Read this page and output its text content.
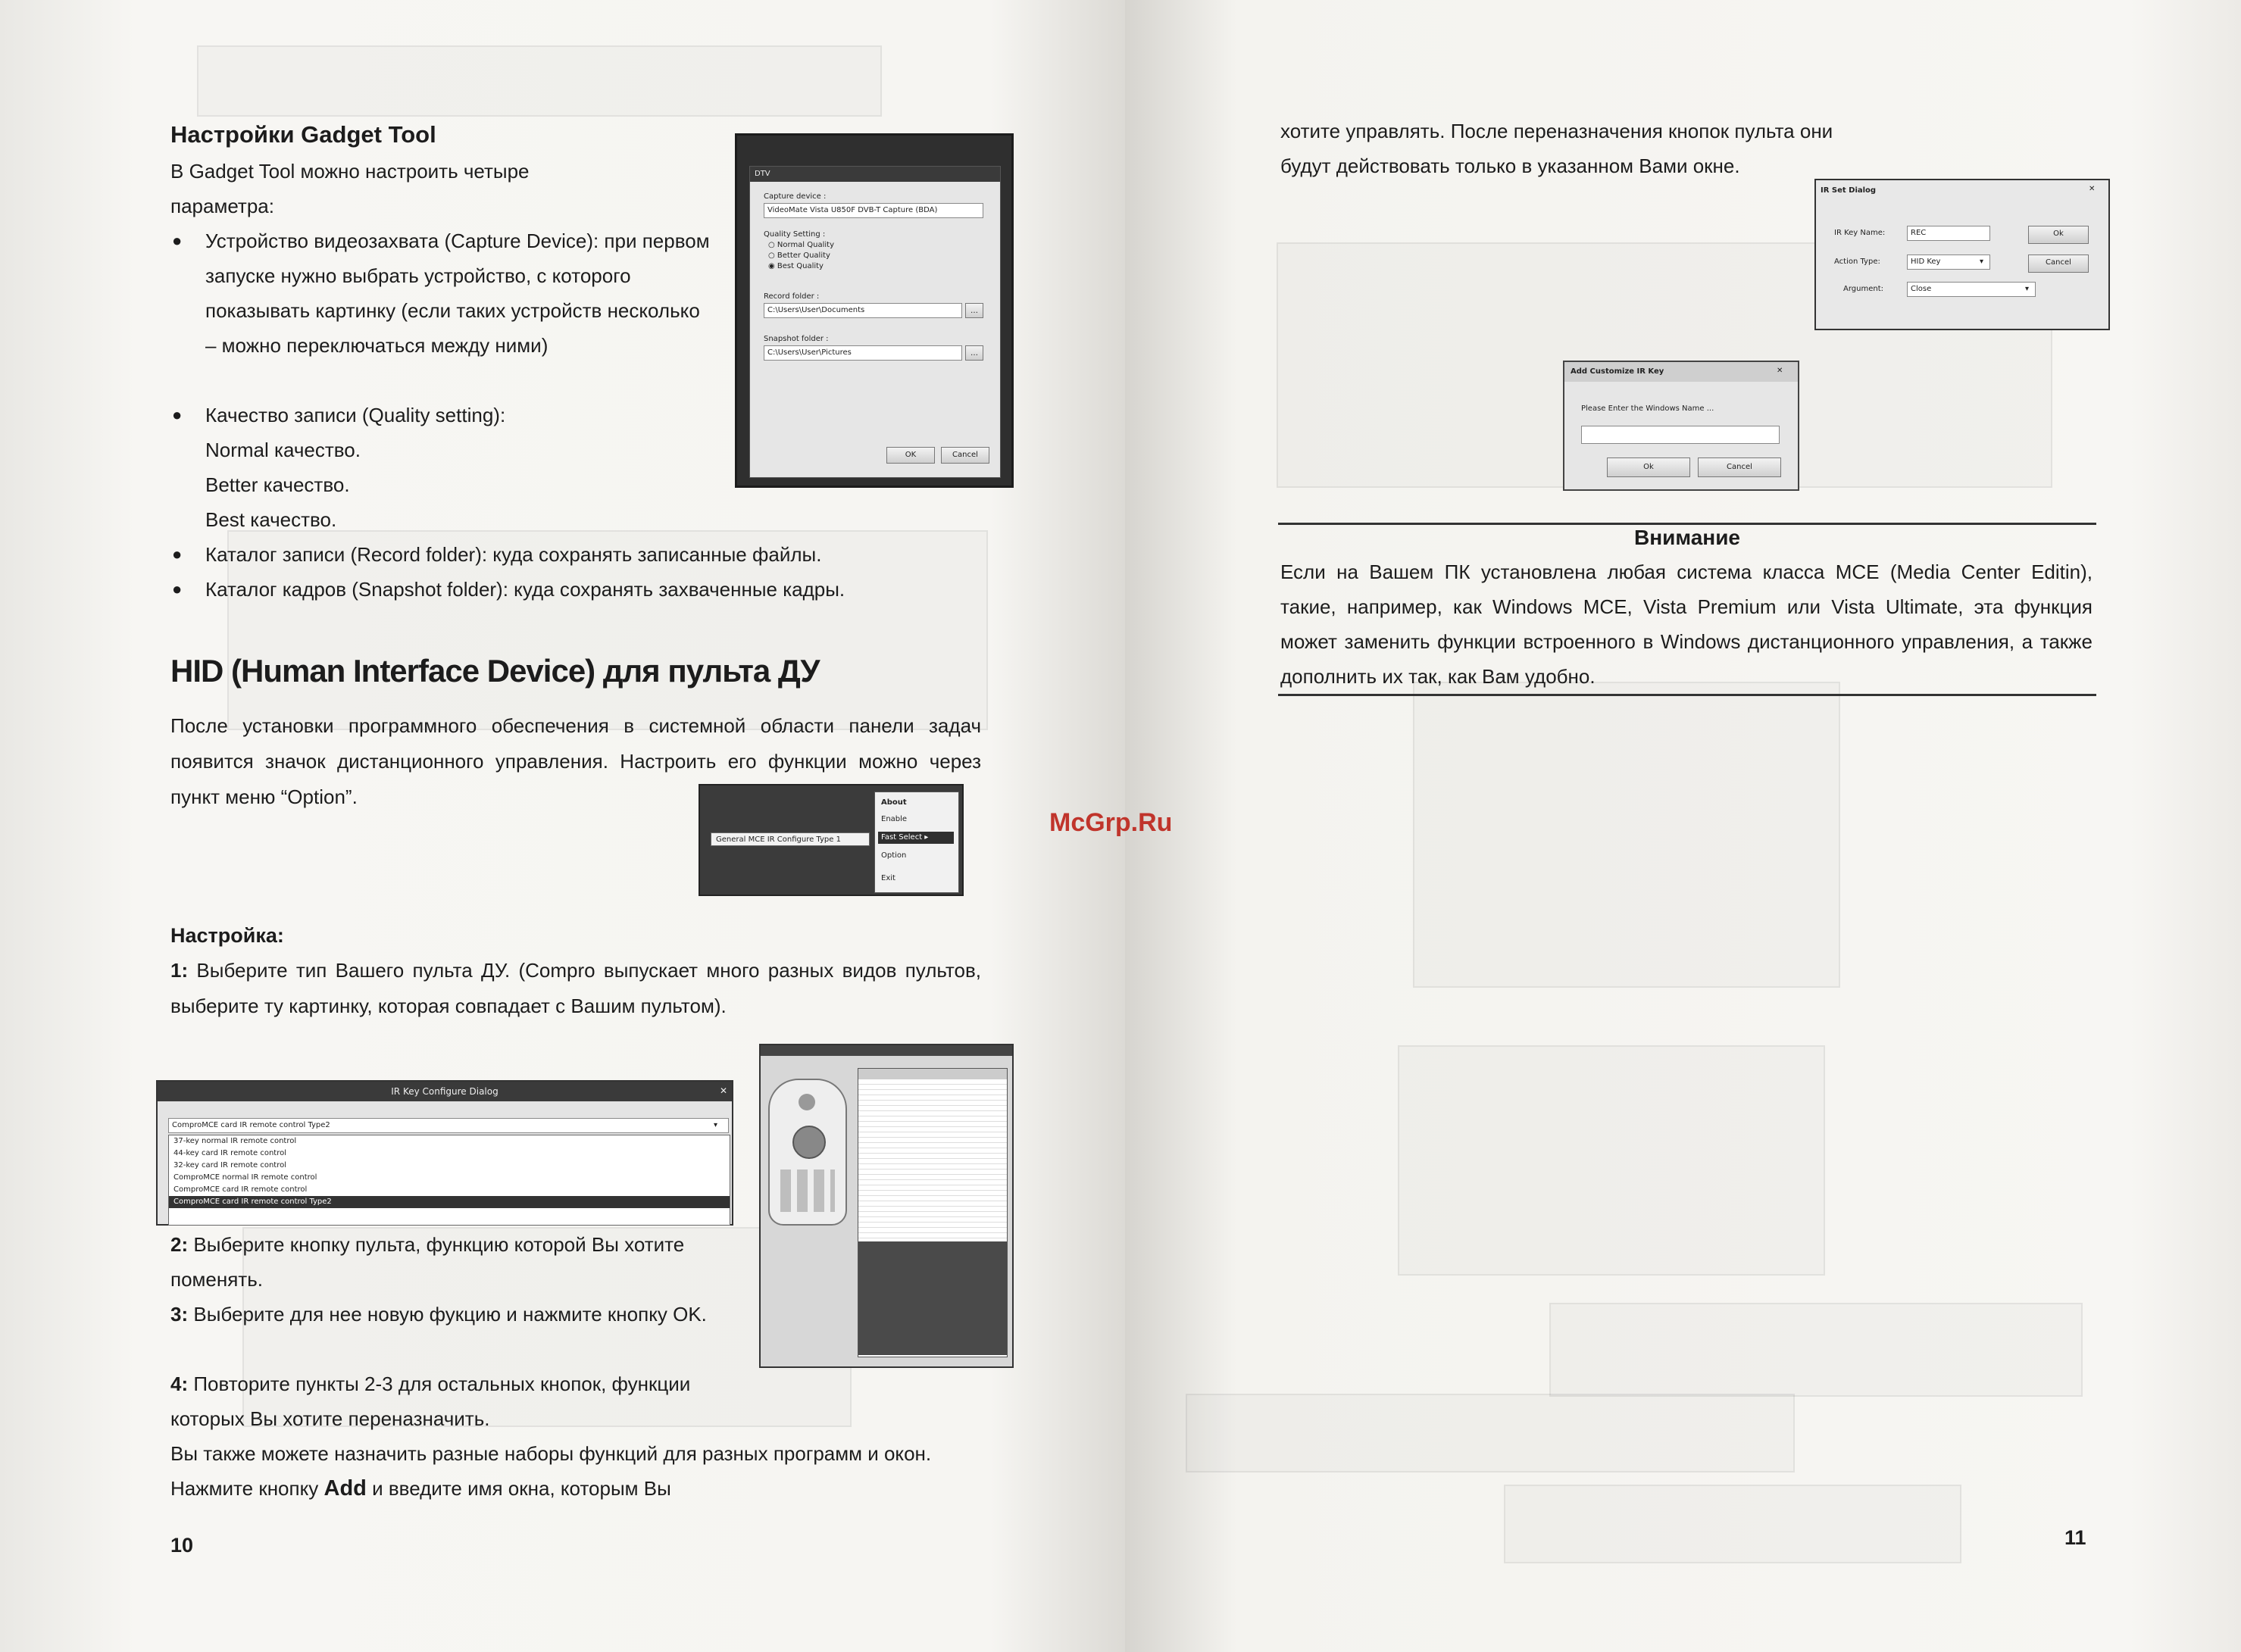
Настройки Gadget Tool
В Gadget Tool можно настроить четыре параметра:
● Устройство видеозахвата (Capture Device): при первом запуске нужно выбрать устройство, с которого показывать картинку (если таких устройств несколько – можно переключаться между ними)
● Качество записи (Quality setting):
Normal качество.
Better качество.
Best качество.
● Каталог записи (Record folder): куда сохранять записанные файлы.
● Каталог кадров (Snapshot folder): куда сохранять захваченные кадры.
DTV
Capture device :
VideoMate Vista U850F DVB-T Capture (BDA)
Quality Setting :
○ Normal Quality
○ Better Quality
◉ Best Quality
Record folder :
C:\Users\User\Documents	…
Snapshot folder :
C:\Users\User\Pictures	…
OK	Cancel
HID (Human Interface Device) для пульта ДУ
После установки программного обеспечения в системной области панели задач появится значок дистанционного управления. Настроить его функции можно через пункт меню “Option”.
General MCE IR Configure Type 1
About
Enable
Fast Select ▸
Option
Exit
Настройка:
1: Выберите тип Вашего пульта ДУ. (Compro выпускает много разных видов пультов, выберите ту картинку, которая совпадает с Вашим пультом).
IR Key Configure Dialog	✕
ComproMCE card IR remote control Type2	▾
37-key normal IR remote control
44-key card IR remote control
32-key card IR remote control
ComproMCE normal IR remote control
ComproMCE card IR remote control
ComproMCE card IR remote control Type2
2: Выберите кнопку пульта, функцию которой Вы хотите поменять.
3: Выберите для нее новую фукцию и нажмите кнопку OK.
4: Повторите пункты 2-3 для остальных кнопок, функции которых Вы хотите переназначить.
Вы также можете назначить разные наборы функций для разных программ и окон. Нажмите кнопку Add и введите имя окна, которым Вы
10
хотите управлять. После переназначения кнопок пульта они будут действовать только в указанном Вами окне.
IR Set Dialog	✕
IR Key Name:	REC
Action Type:	HID Key	▾
Argument:	Close	▾
Ok
Cancel
Add Customize IR Key	✕
Please Enter the Windows Name ...
Ok	Cancel
Внимание
Если на Вашем ПК установлена любая система класса MCE (Media Center Editin), такие, например, как Windows MCE, Vista Premium или Vista Ultimate, эта функция может заменить функции встроенного в Windows дистанционного управления, а также дополнить их так, как Вам удобно.
11
McGrp.Ru
